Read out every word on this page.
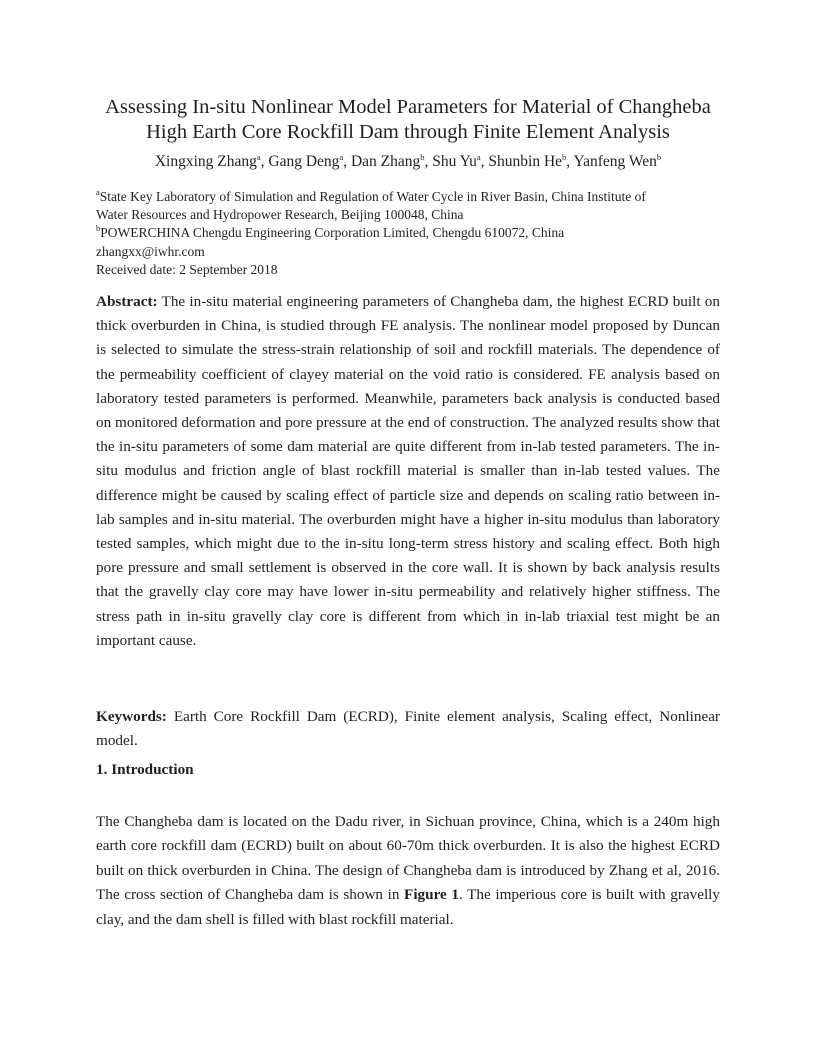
Assessing In-situ Nonlinear Model Parameters for Material of Changheba
High Earth Core Rockfill Dam through Finite Element Analysis
Xingxing Zhang$^a$, Gang Deng$^a$, Dan Zhang$^b$, Shu Yu$^a$, Shunbin He$^b$, Yanfeng Wen$^b$
$^a$State Key Laboratory of Simulation and Regulation of Water Cycle in River Basin, China Institute of
Water Resources and Hydropower Research, Beijing 100048, China
$^b$POWERCHINA Chengdu Engineering Corporation Limited, Chengdu 610072, China
zhangxx@iwhr.com
Received date: 2 September 2018

Abstract: The in-situ material engineering parameters of Changheba dam, the highest ECRD built on thick overburden in China, is studied through FE analysis. The nonlinear model proposed by Duncan is selected to simulate the stress-strain relationship of soil and rockfill materials. The dependence of the permeability coefficient of clayey material on the void ratio is considered. FE analysis based on laboratory tested parameters is performed. Meanwhile, parameters back analysis is conducted based on monitored deformation and pore pressure at the end of construction. The analyzed results show that the in-situ parameters of some dam material are quite different from in-lab tested parameters. The in-situ modulus and friction angle of blast rockfill material is smaller than in-lab tested values. The difference might be caused by scaling effect of particle size and depends on scaling ratio between in-lab samples and in-situ material. The overburden might have a higher in-situ modulus than laboratory tested samples, which might due to the in-situ long-term stress history and scaling effect. Both high pore pressure and small settlement is observed in the core wall. It is shown by back analysis results that the gravelly clay core may have lower in-situ permeability and relatively higher stiffness. The stress path in in-situ gravelly clay core is different from which in in-lab triaxial test might be an important cause.

Keywords: Earth Core Rockfill Dam (ECRD), Finite element analysis, Scaling effect, Nonlinear model.

1. Introduction

The Changheba dam is located on the Dadu river, in Sichuan province, China, which is a 240m high earth core rockfill dam (ECRD) built on about 60-70m thick overburden. It is also the highest ECRD built on thick overburden in China. The design of Changheba dam is introduced by Zhang et al, 2016. The cross section of Changheba dam is shown in Figure 1. The imperious core is built with gravelly clay, and the dam shell is filled with blast rockfill material.
